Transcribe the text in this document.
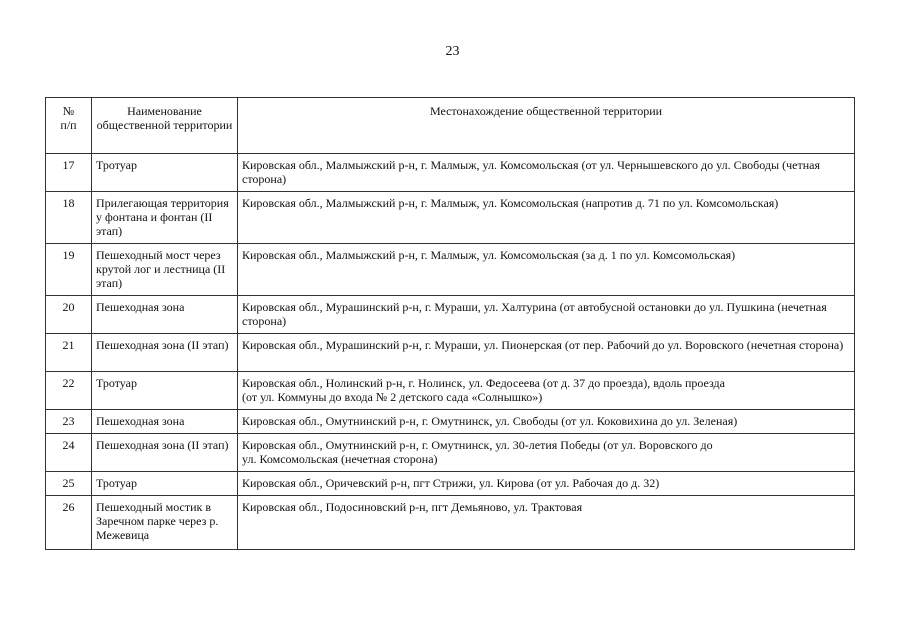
23
№
п/п	Наименование общественной территории	Местонахождение общественной территории
17	Тротуар	Кировская обл., Малмыжский р-н, г. Малмыж, ул. Комсомольская (от ул. Чернышевского до ул. Свободы (четная сторона)
18	Прилегающая территория у фонтана и фонтан (II этап)	Кировская обл., Малмыжский р-н, г. Малмыж, ул. Комсомольская (напротив д. 71 по ул. Комсомольская)
19	Пешеходный мост через крутой лог и лестница (II этап)	Кировская обл., Малмыжский р-н, г. Малмыж, ул. Комсомольская (за д. 1 по ул. Комсомольская)
20	Пешеходная зона	Кировская обл., Мурашинский р-н, г. Мураши, ул. Халтурина (от автобусной остановки до ул. Пушкина (нечетная сторона)
21	Пешеходная зона (II этап)	Кировская обл., Мурашинский р-н, г. Мураши, ул. Пионерская (от пер. Рабочий до ул. Воровского (нечетная сторона)
22	Тротуар	Кировская обл., Нолинский р-н, г. Нолинск, ул. Федосеева (от д. 37 до проезда), вдоль проезда
(от ул. Коммуны до входа № 2 детского сада «Солнышко»)
23	Пешеходная зона	Кировская обл., Омутнинский р-н, г. Омутнинск, ул. Свободы (от ул. Коковихина до ул. Зеленая)
24	Пешеходная зона (II этап)	Кировская обл., Омутнинский р-н, г. Омутнинск, ул. 30-летия Победы (от ул. Воровского до
ул. Комсомольская (нечетная сторона)
25	Тротуар	Кировская обл., Оричевский р-н, пгт Стрижи, ул. Кирова (от ул. Рабочая до д. 32)
26	Пешеходный мостик в Заречном парке через р. Межевица	Кировская обл., Подосиновский р-н, пгт Демьяново, ул. Трактовая
